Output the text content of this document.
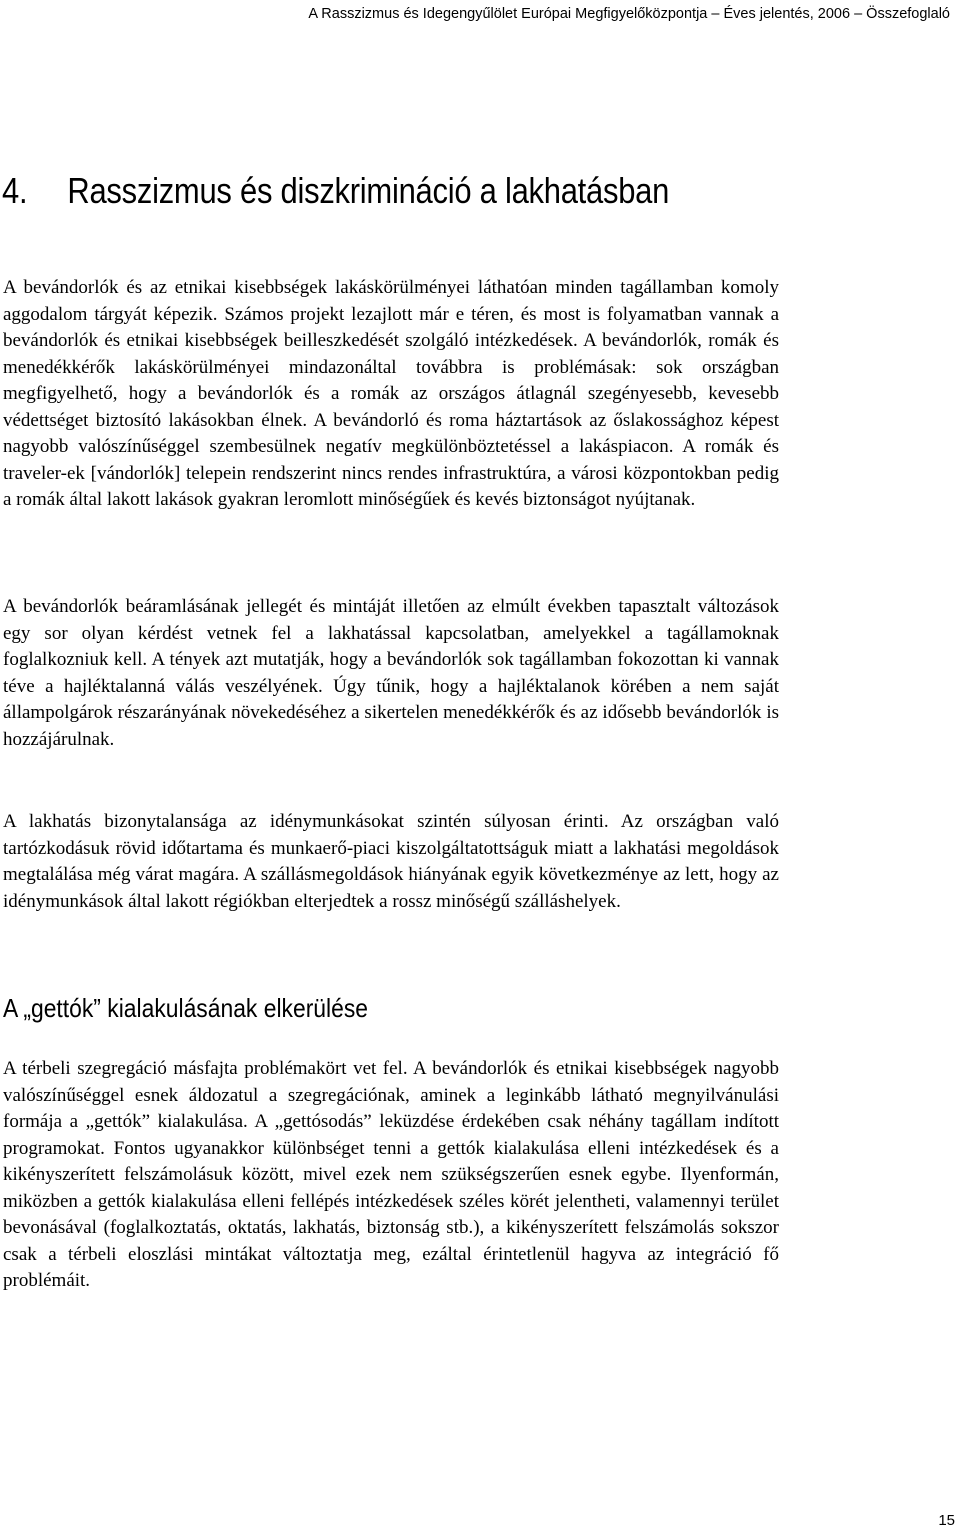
A Rasszizmus és Idegengyűlölet Európai Megfigyelőközpontja – Éves jelentés, 2006 – Összefoglaló
4. Rasszizmus és diszkrimináció a lakhatásban

A bevándorlók és az etnikai kisebbségek lakáskörülményei láthatóan minden tagállamban komoly aggodalom tárgyát képezik. Számos projekt lezajlott már e téren, és most is folyamatban vannak a bevándorlók és etnikai kisebbségek beilleszkedését szolgáló intézkedések. A bevándorlók, romák és menedékkérők lakáskörülményei mindazonáltal továbbra is problémásak: sok országban megfigyelhető, hogy a bevándorlók és a romák az országos átlagnál szegényesebb, kevesebb védettséget biztosító lakásokban élnek. A bevándorló és roma háztartások az őslakossághoz képest nagyobb valószínűséggel szembesülnek negatív megkülönböztetéssel a lakáspiacon. A romák és traveler-ek [vándorlók] telepein rendszerint nincs rendes infrastruktúra, a városi központokban pedig a romák által lakott lakások gyakran leromlott minőségűek és kevés biztonságot nyújtanak.

A bevándorlók beáramlásának jellegét és mintáját illetően az elmúlt években tapasztalt változások egy sor olyan kérdést vetnek fel a lakhatással kapcsolatban, amelyekkel a tagállamoknak foglalkozniuk kell. A tények azt mutatják, hogy a bevándorlók sok tagállamban fokozottan ki vannak téve a hajléktalanná válás veszélyének. Úgy tűnik, hogy a hajléktalanok körében a nem saját állampolgárok részarányának növekedéséhez a sikertelen menedékkérők és az idősebb bevándorlók is hozzájárulnak.

A lakhatás bizonytalansága az idénymunkásokat szintén súlyosan érinti. Az országban való tartózkodásuk rövid időtartama és munkaerő-piaci kiszolgáltatottságuk miatt a lakhatási megoldások megtalálása még várat magára. A szállásmegoldások hiányának egyik következménye az lett, hogy az idénymunkások által lakott régiókban elterjedtek a rossz minőségű szálláshelyek.

A „gettók” kialakulásának elkerülése

A térbeli szegregáció másfajta problémakört vet fel. A bevándorlók és etnikai kisebbségek nagyobb valószínűséggel esnek áldozatul a szegregációnak, aminek a leginkább látható megnyilvánulási formája a „gettók” kialakulása. A „gettósodás” leküzdése érdekében csak néhány tagállam indított programokat. Fontos ugyanakkor különbséget tenni a gettók kialakulása elleni intézkedések és a kikényszerített felszámolásuk között, mivel ezek nem szükségszerűen esnek egybe. Ilyenformán, miközben a gettók kialakulása elleni fellépés intézkedések széles körét jelentheti, valamennyi terület bevonásával (foglalkoztatás, oktatás, lakhatás, biztonság stb.), a kikényszerített felszámolás sokszor csak a térbeli eloszlási mintákat változtatja meg, ezáltal érintetlenül hagyva az integráció fő problémáit.

15
